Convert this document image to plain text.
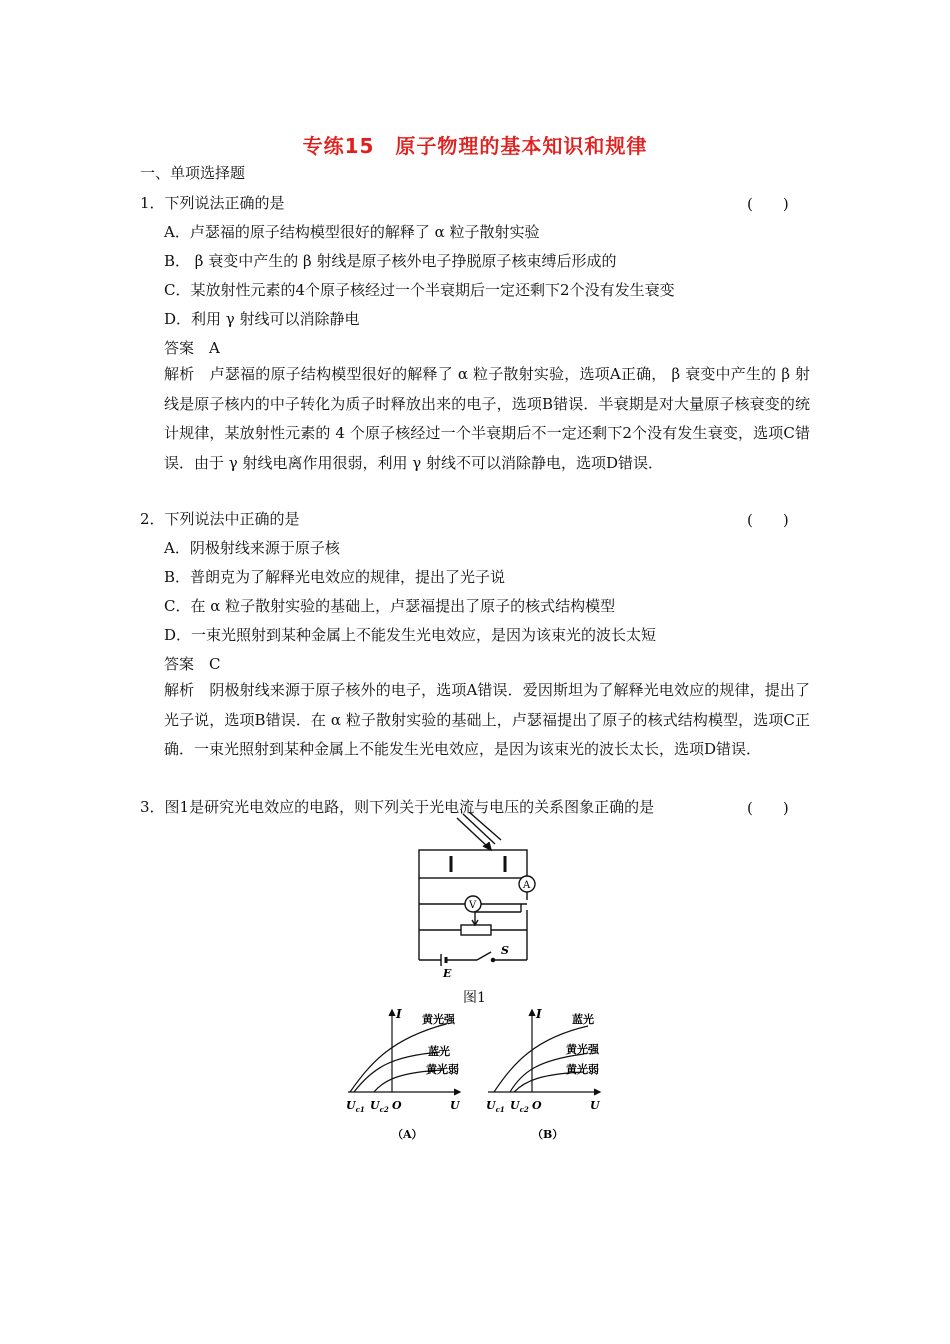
专练15　原子物理的基本知识和规律
一、单项选择题
1．下列说法正确的是	(　　)
A．卢瑟福的原子结构模型很好的解释了 α 粒子散射实验
B． β 衰变中产生的 β 射线是原子核外电子挣脱原子核束缚后形成的
C．某放射性元素的4个原子核经过一个半衰期后一定还剩下2个没有发生衰变
D．利用 γ 射线可以消除静电
答案　A
解析　卢瑟福的原子结构模型很好的解释了 α 粒子散射实验，选项A正确， β 衰变中产生的 β 射线是原子核内的中子转化为质子时释放出来的电子，选项B错误．半衰期是对大量原子核衰变的统计规律，某放射性元素的 4 个原子核经过一个半衰期后不一定还剩下2个没有发生衰变，选项C错误．由于 γ 射线电离作用很弱，利用 γ 射线不可以消除静电，选项D错误．
2．下列说法中正确的是	(　　)
A．阴极射线来源于原子核
B．普朗克为了解释光电效应的规律，提出了光子说
C．在 α 粒子散射实验的基础上，卢瑟福提出了原子的核式结构模型
D．一束光照射到某种金属上不能发生光电效应，是因为该束光的波长太短
答案　C
解析　阴极射线来源于原子核外的电子，选项A错误．爱因斯坦为了解释光电效应的规律，提出了光子说，选项B错误．在 α 粒子散射实验的基础上，卢瑟福提出了原子的核式结构模型，选项C正确．一束光照射到某种金属上不能发生光电效应，是因为该束光的波长太长，选项D错误．
3．图1是研究光电效应的电路，则下列关于光电流与电压的关系图象正确的是	(　　)
V
A
S
E
图1
I 黄光强
蓝光
黄光弱
$U_{c1}$ $U_{c2}$ O	U
（A）
I	蓝光
黄光强
黄光弱
$U_{c1}$ $U_{c2}$ O	U
（B）
